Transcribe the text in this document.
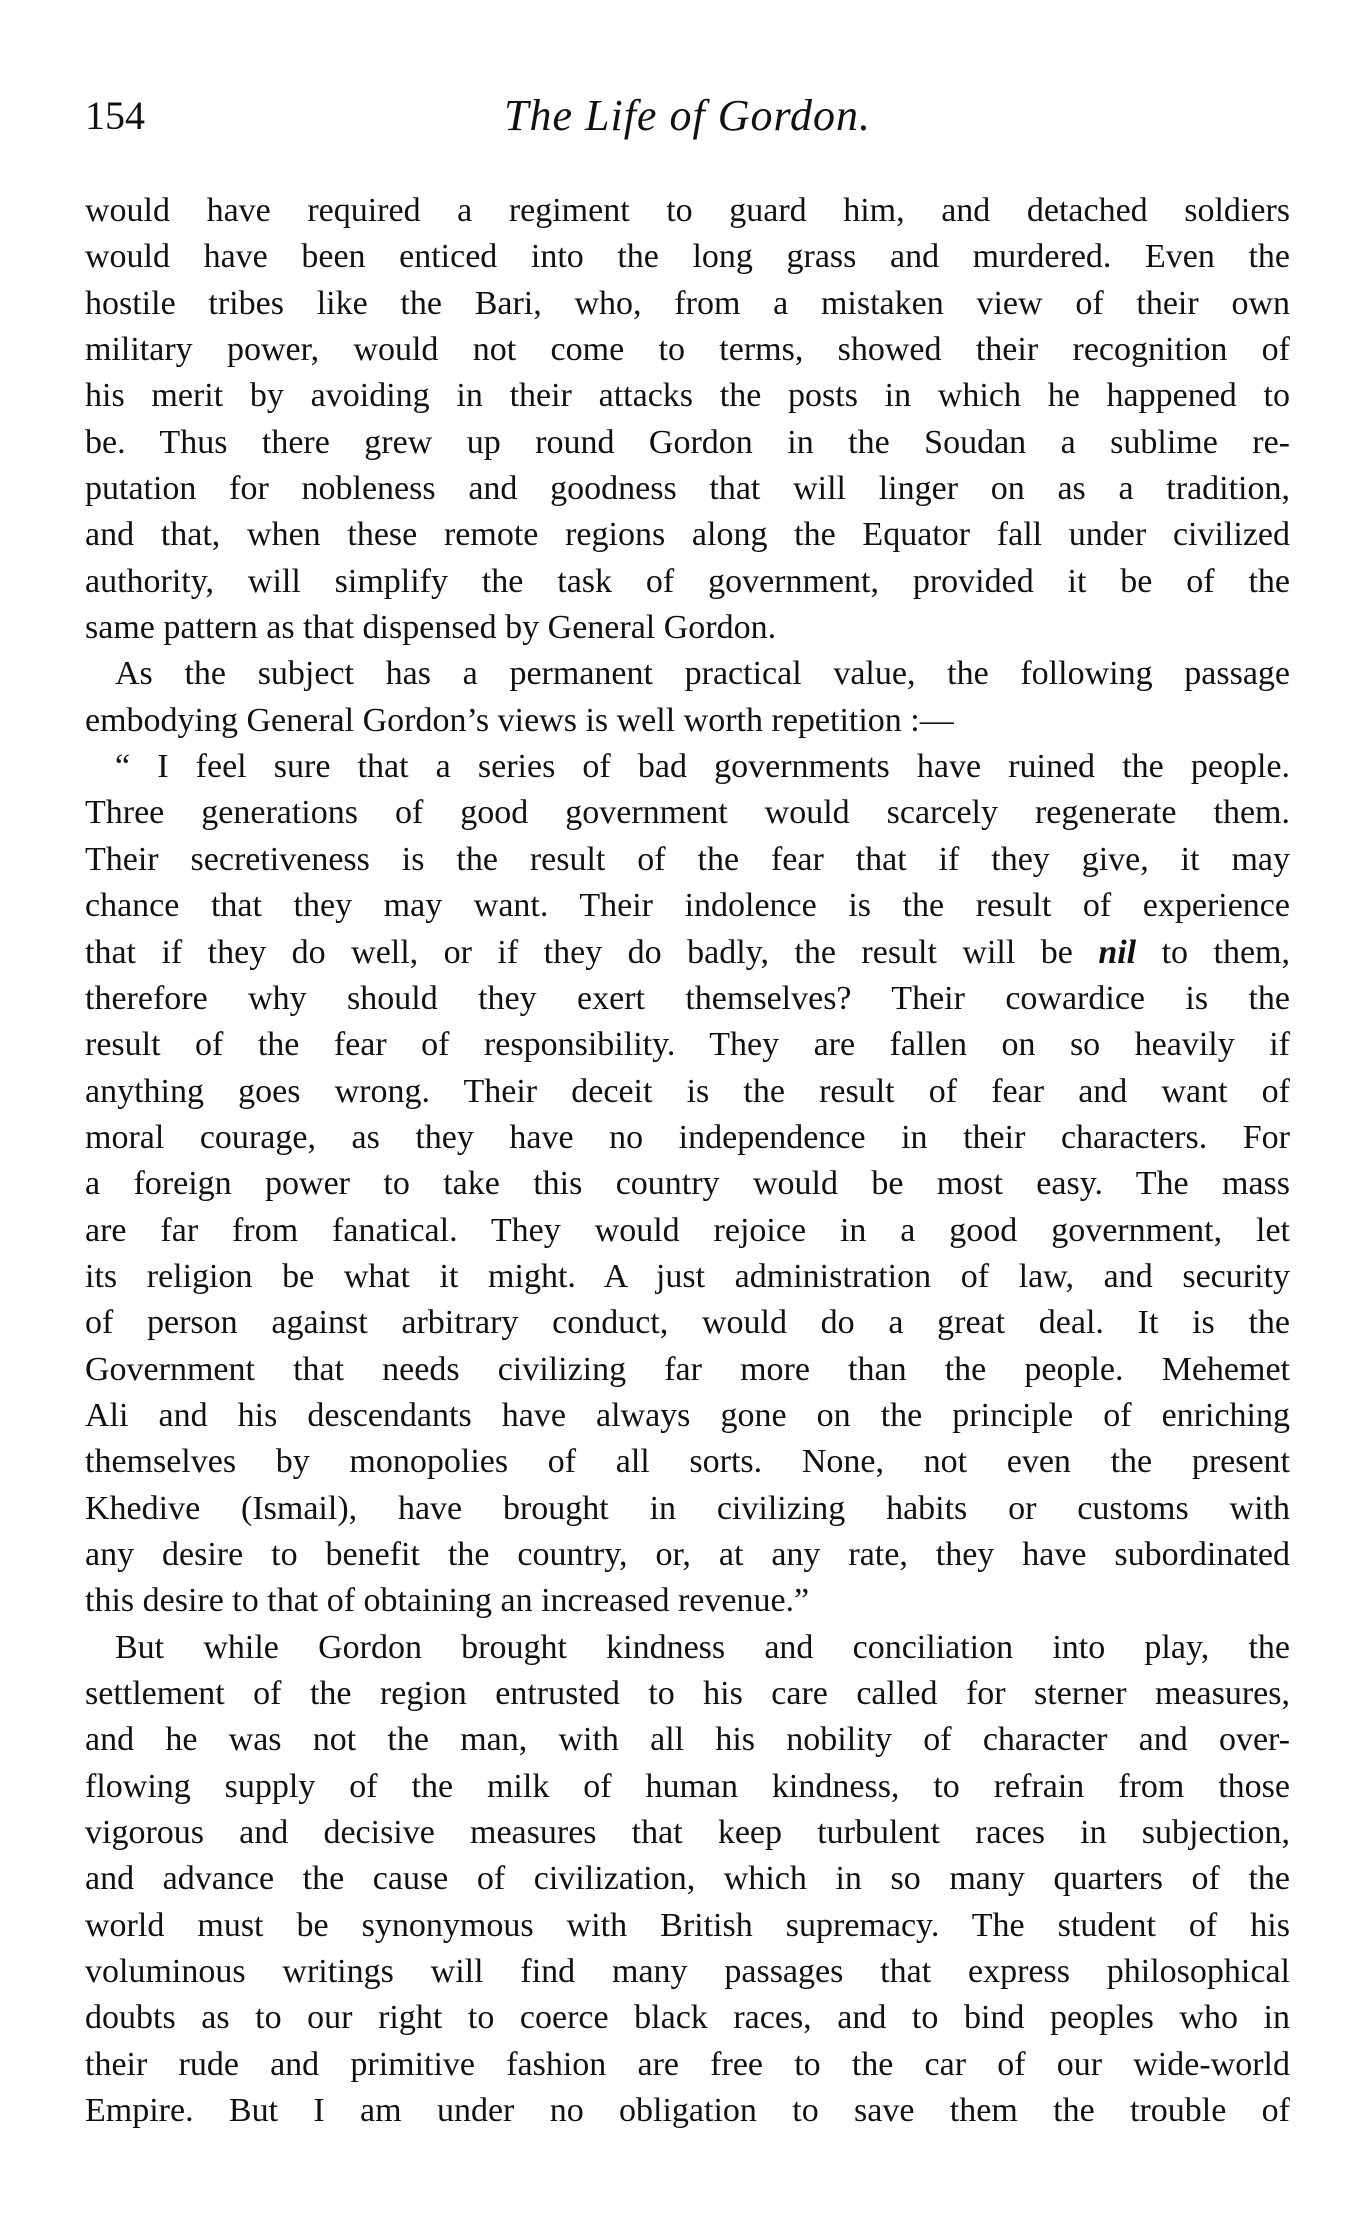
154	The Life of Gordon.
would have required a regiment to guard him, and detached soldiers
would have been enticed into the long grass and murdered. Even the
hostile tribes like the Bari, who, from a mistaken view of their own
military power, would not come to terms, showed their recognition of
his merit by avoiding in their attacks the posts in which he happened to
be. Thus there grew up round Gordon in the Soudan a sublime re-
putation for nobleness and goodness that will linger on as a tradition,
and that, when these remote regions along the Equator fall under civilized
authority, will simplify the task of government, provided it be of the
same pattern as that dispensed by General Gordon.
As the subject has a permanent practical value, the following passage
embodying General Gordon’s views is well worth repetition :—
“ I feel sure that a series of bad governments have ruined the people.
Three generations of good government would scarcely regenerate them.
Their secretiveness is the result of the fear that if they give, it may
chance that they may want. Their indolence is the result of experience
that if they do well, or if they do badly, the result will be nil to them,
therefore why should they exert themselves? Their cowardice is the
result of the fear of responsibility. They are fallen on so heavily if
anything goes wrong. Their deceit is the result of fear and want of
moral courage, as they have no independence in their characters. For
a foreign power to take this country would be most easy. The mass
are far from fanatical. They would rejoice in a good government, let
its religion be what it might. A just administration of law, and security
of person against arbitrary conduct, would do a great deal. It is the
Government that needs civilizing far more than the people. Mehemet
Ali and his descendants have always gone on the principle of enriching
themselves by monopolies of all sorts. None, not even the present
Khedive (Ismail), have brought in civilizing habits or customs with
any desire to benefit the country, or, at any rate, they have subordinated
this desire to that of obtaining an increased revenue.”
But while Gordon brought kindness and conciliation into play, the
settlement of the region entrusted to his care called for sterner measures,
and he was not the man, with all his nobility of character and over-
flowing supply of the milk of human kindness, to refrain from those
vigorous and decisive measures that keep turbulent races in subjection,
and advance the cause of civilization, which in so many quarters of the
world must be synonymous with British supremacy. The student of his
voluminous writings will find many passages that express philosophical
doubts as to our right to coerce black races, and to bind peoples who in
their rude and primitive fashion are free to the car of our wide-world
Empire. But I am under no obligation to save them the trouble of
